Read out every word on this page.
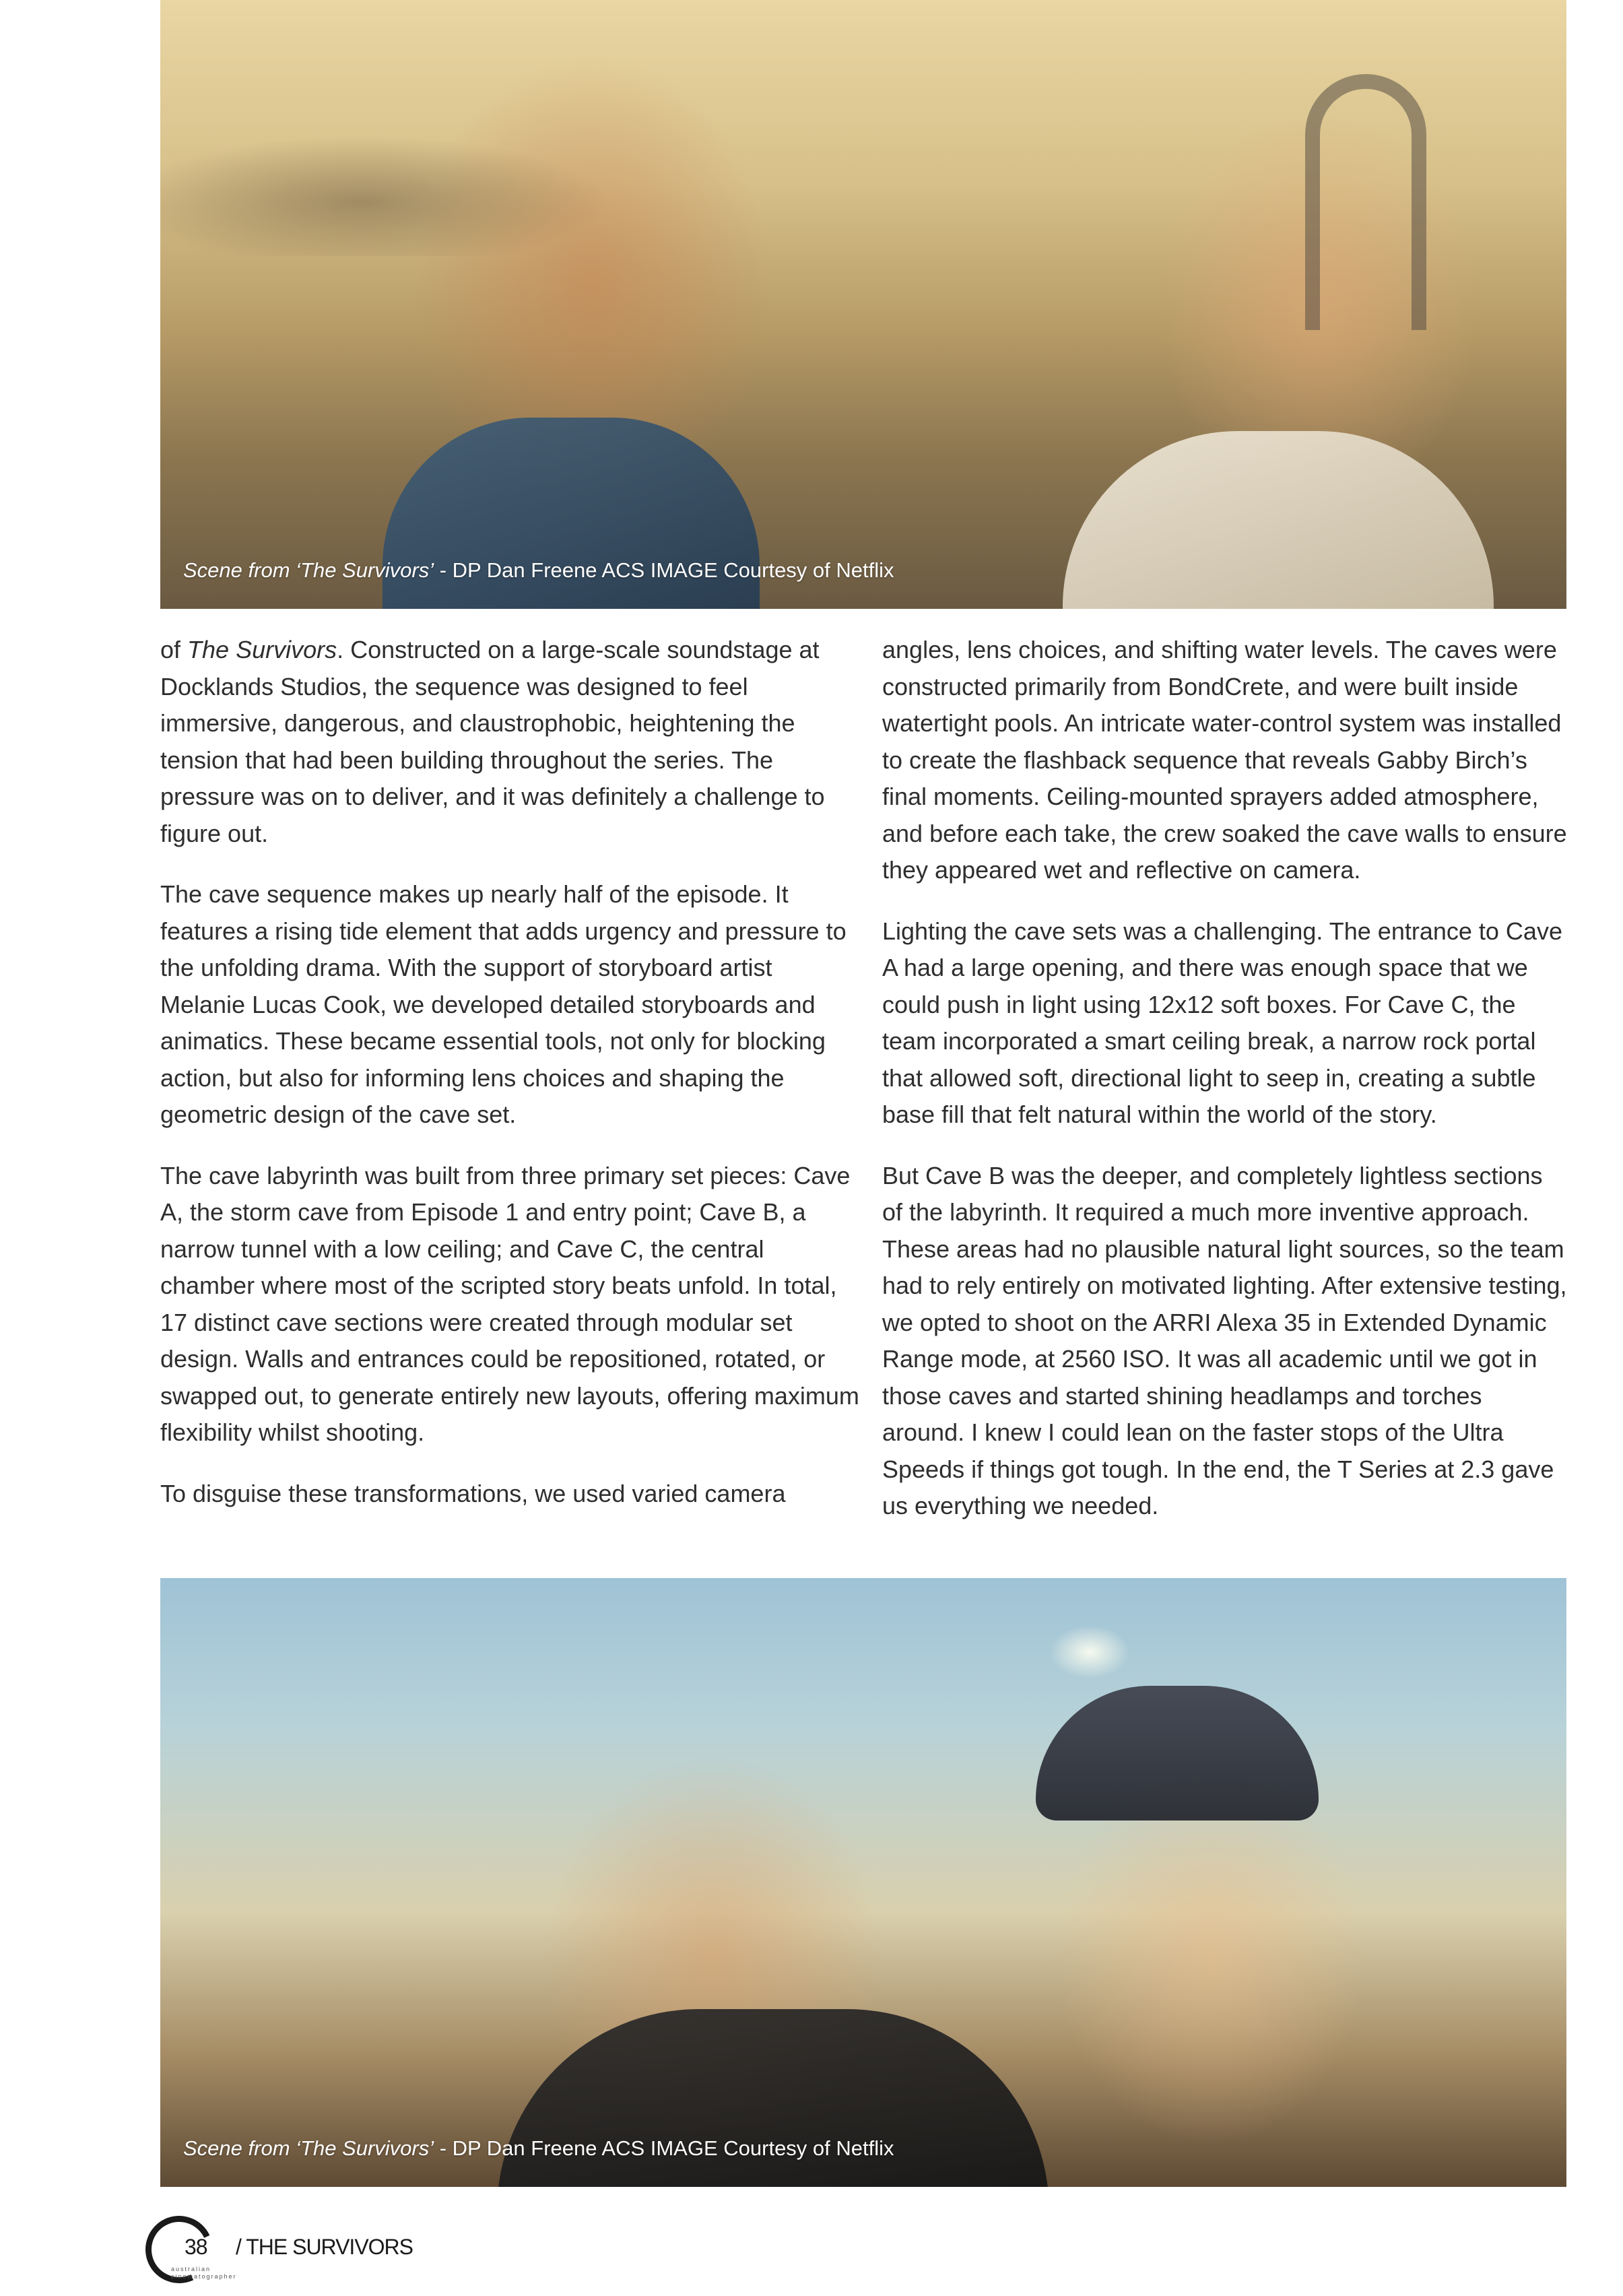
Scene from ‘The Survivors’ - DP Dan Freene ACS IMAGE Courtesy of Netflix

of The Survivors. Constructed on a large-scale soundstage at Docklands Studios, the sequence was designed to feel immersive, dangerous, and claustrophobic, heightening the tension that had been building throughout the series. The pressure was on to deliver, and it was definitely a challenge to figure out.

The cave sequence makes up nearly half of the episode. It features a rising tide element that adds urgency and pressure to the unfolding drama. With the support of storyboard artist Melanie Lucas Cook, we developed detailed storyboards and animatics. These became essential tools, not only for blocking action, but also for informing lens choices and shaping the geometric design of the cave set.

The cave labyrinth was built from three primary set pieces: Cave A, the storm cave from Episode 1 and entry point; Cave B, a narrow tunnel with a low ceiling; and Cave C, the central chamber where most of the scripted story beats unfold. In total, 17 distinct cave sections were created through modular set design. Walls and entrances could be repositioned, rotated, or swapped out, to generate entirely new layouts, offering maximum flexibility whilst shooting.

To disguise these transformations, we used varied camera

angles, lens choices, and shifting water levels. The caves were constructed primarily from BondCrete, and were built inside watertight pools. An intricate water-control system was installed to create the flashback sequence that reveals Gabby Birch’s final moments. Ceiling-mounted sprayers added atmosphere, and before each take, the crew soaked the cave walls to ensure they appeared wet and reflective on camera.

Lighting the cave sets was a challenging. The entrance to Cave A had a large opening, and there was enough space that we could push in light using 12x12 soft boxes. For Cave C, the team incorporated a smart ceiling break, a narrow rock portal that allowed soft, directional light to seep in, creating a subtle base fill that felt natural within the world of the story.

But Cave B was the deeper, and completely lightless sections of the labyrinth. It required a much more inventive approach. These areas had no plausible natural light sources, so the team had to rely entirely on motivated lighting. After extensive testing, we opted to shoot on the ARRI Alexa 35 in Extended Dynamic Range mode, at 2560 ISO. It was all academic until we got in those caves and started shining headlamps and torches around. I knew I could lean on the faster stops of the Ultra Speeds if things got tough. In the end, the T Series at 2.3 gave us everything we needed.

Scene from ‘The Survivors’ - DP Dan Freene ACS IMAGE Courtesy of Netflix
australian
cinematographer
38 / THE SURVIVORS
